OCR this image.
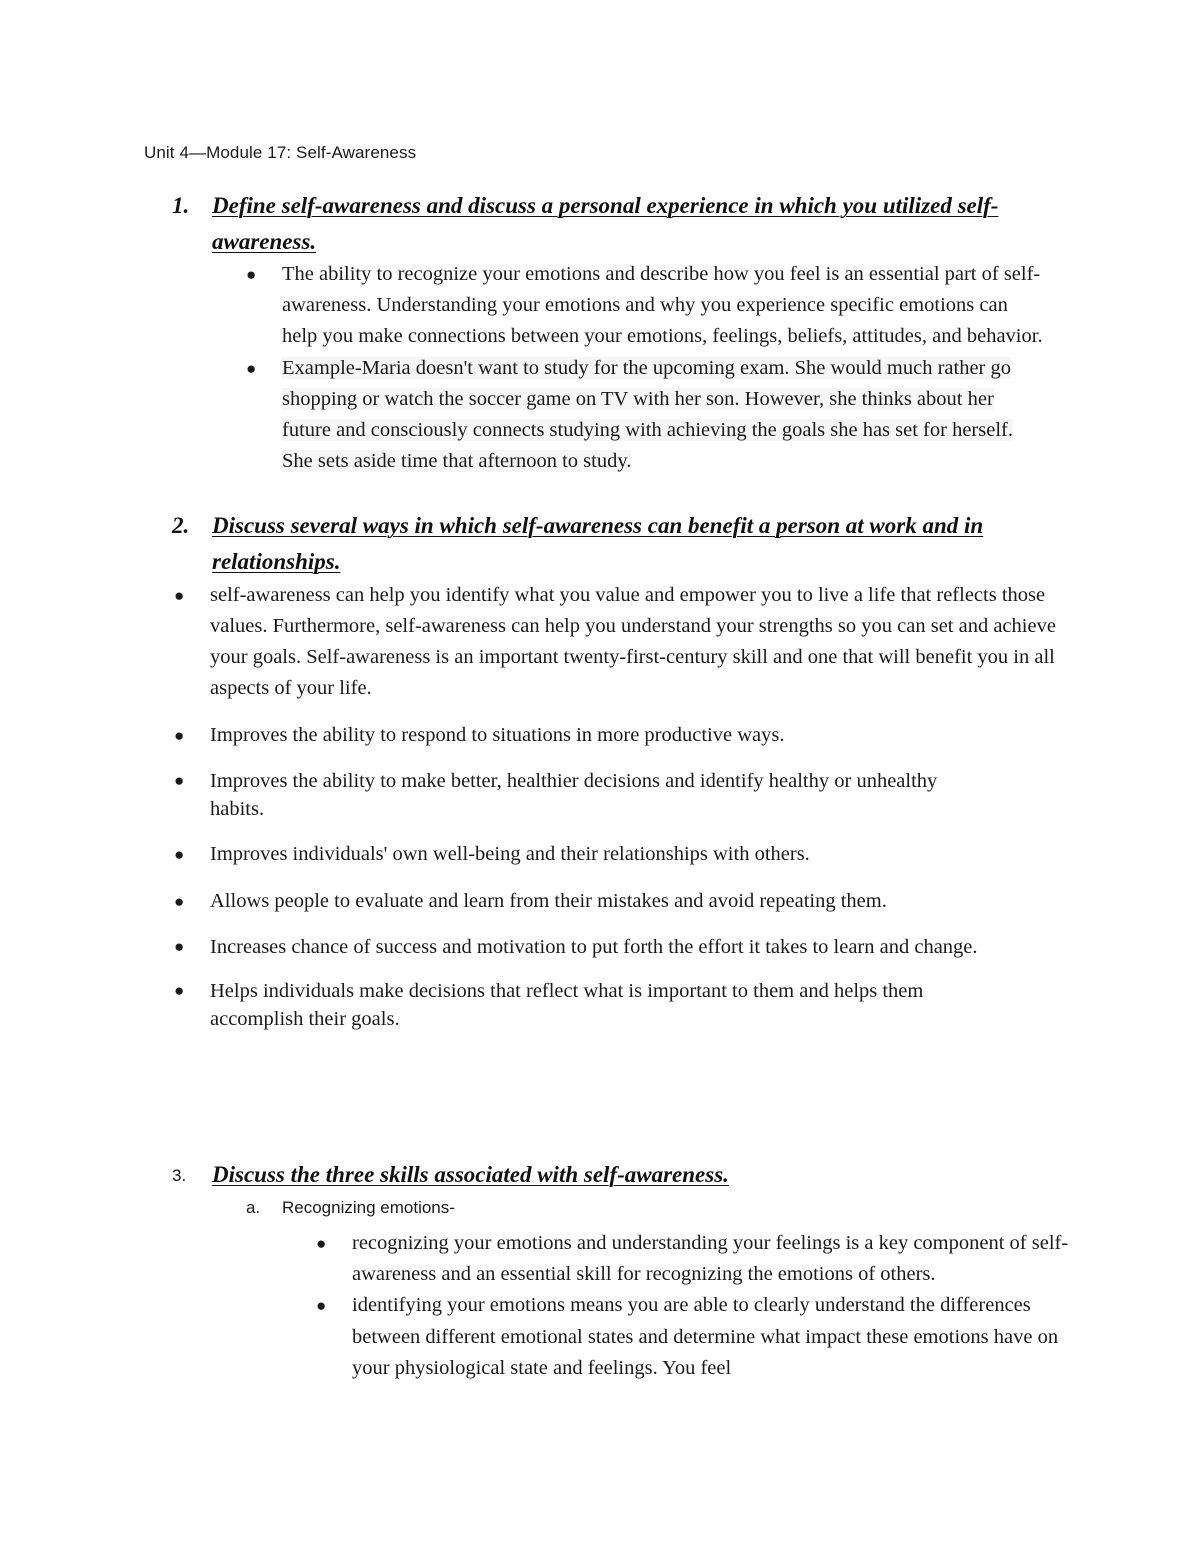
Unit 4—Module 17: Self-Awareness
1. Define self-awareness and discuss a personal experience in which you utilized self-awareness.
● The ability to recognize your emotions and describe how you feel is an essential part of self-awareness. Understanding your emotions and why you experience specific emotions can help you make connections between your emotions, feelings, beliefs, attitudes, and behavior.
● Example-Maria doesn't want to study for the upcoming exam. She would much rather go shopping or watch the soccer game on TV with her son. However, she thinks about her future and consciously connects studying with achieving the goals she has set for herself. She sets aside time that afternoon to study.
2. Discuss several ways in which self-awareness can benefit a person at work and in relationships.
● self-awareness can help you identify what you value and empower you to live a life that reflects those values. Furthermore, self-awareness can help you understand your strengths so you can set and achieve your goals. Self-awareness is an important twenty-first-century skill and one that will benefit you in all aspects of your life.
● Improves the ability to respond to situations in more productive ways.
● Improves the ability to make better, healthier decisions and identify healthy or unhealthy habits.
● Improves individuals' own well-being and their relationships with others.
● Allows people to evaluate and learn from their mistakes and avoid repeating them.
● Increases chance of success and motivation to put forth the effort it takes to learn and change.
● Helps individuals make decisions that reflect what is important to them and helps them accomplish their goals.
3. Discuss the three skills associated with self-awareness.
a. Recognizing emotions-
● recognizing your emotions and understanding your feelings is a key component of self-awareness and an essential skill for recognizing the emotions of others.
● identifying your emotions means you are able to clearly understand the differences between different emotional states and determine what impact these emotions have on your physiological state and feelings. You feel
